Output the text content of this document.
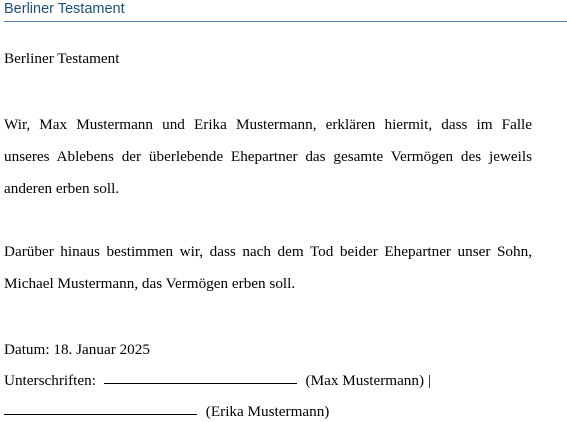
Berliner Testament
Berliner Testament
Wir, Max Mustermann und Erika Mustermann, erklären hiermit, dass im Falle
unseres Ablebens der überlebende Ehepartner das gesamte Vermögen des jeweils
anderen erben soll.
Darüber hinaus bestimmen wir, dass nach dem Tod beider Ehepartner unser Sohn,
Michael Mustermann, das Vermögen erben soll.
Datum: 18. Januar 2025
Unterschriften:	(Max Mustermann) |
(Erika Mustermann)
